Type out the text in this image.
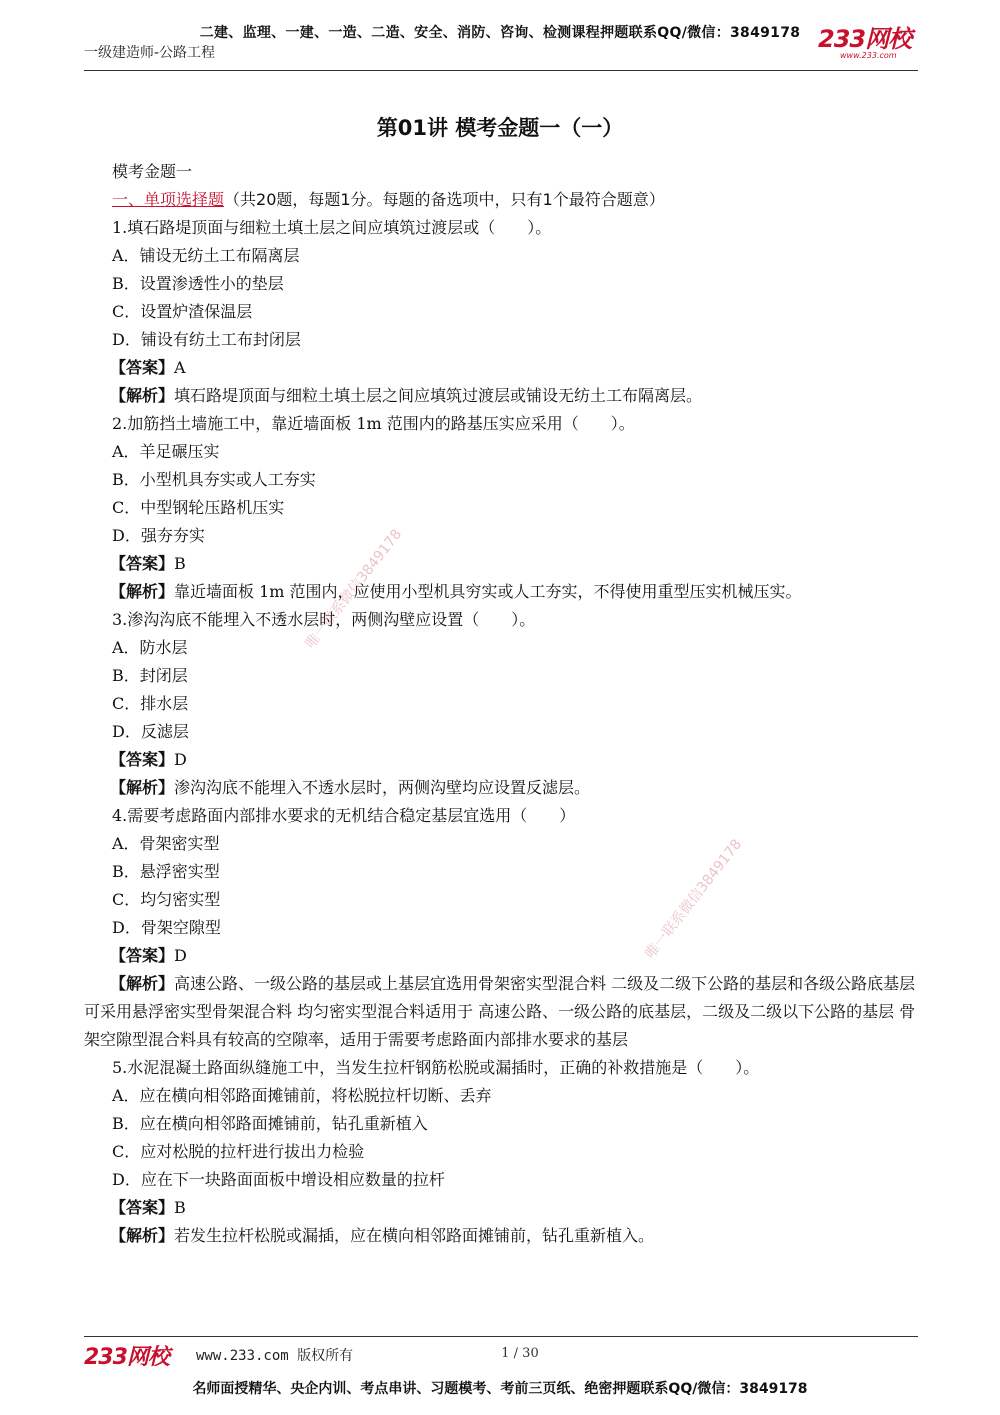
二建、监理、一建、一造、二造、安全、消防、咨询、检测课程押题联系QQ/微信：3849178
一级建造师-公路工程	233网校
www.233.com
第01讲 模考金题一（一）
模考金题一
一、单项选择题（共20题，每题1分。每题的备选项中，只有1个最符合题意）
1.填石路堤顶面与细粒土填土层之间应填筑过渡层或（　　）。
A．铺设无纺土工布隔离层
B．设置渗透性小的垫层
C．设置炉渣保温层
D．铺设有纺土工布封闭层
【答案】A
【解析】填石路堤顶面与细粒土填土层之间应填筑过渡层或铺设无纺土工布隔离层。
2.加筋挡土墙施工中，靠近墙面板 1m 范围内的路基压实应采用（　　）。
A．羊足碾压实
B．小型机具夯实或人工夯实
C．中型钢轮压路机压实
D．强夯夯实
【答案】B
【解析】靠近墙面板 1m 范围内，应使用小型机具穷实或人工夯实，不得使用重型压实机械压实。
3.渗沟沟底不能埋入不透水层时，两侧沟壁应设置（　　）。
A．防水层
B．封闭层
C．排水层
D．反滤层
【答案】D
【解析】渗沟沟底不能埋入不透水层时，两侧沟壁均应设置反滤层。
4.需要考虑路面内部排水要求的无机结合稳定基层宜选用（　　）
A．骨架密实型
B．悬浮密实型
C．均匀密实型
D．骨架空隙型
【答案】D
【解析】高速公路、一级公路的基层或上基层宜选用骨架密实型混合料 二级及二级下公路的基层和各级公路底基层可采用悬浮密实型骨架混合料 均匀密实型混合料适用于 高速公路、一级公路的底基层，二级及二级以下公路的基层 骨架空隙型混合料具有较高的空隙率，适用于需要考虑路面内部排水要求的基层
5.水泥混凝土路面纵缝施工中，当发生拉杆钢筋松脱或漏插时，正确的补救措施是（　　）。
A．应在横向相邻路面摊铺前，将松脱拉杆切断、丢弃
B．应在横向相邻路面摊铺前，钻孔重新植入
C．应对松脱的拉杆进行拔出力检验
D．应在下一块路面面板中增设相应数量的拉杆
【答案】B
【解析】若发生拉杆松脱或漏插，应在横向相邻路面摊铺前，钻孔重新植入。
唯一联系微信3849178
唯一联系微信3849178
233网校 www.233.com 版权所有	1 / 30
名师面授精华、央企内训、考点串讲、习题模考、考前三页纸、绝密押题联系QQ/微信：3849178
